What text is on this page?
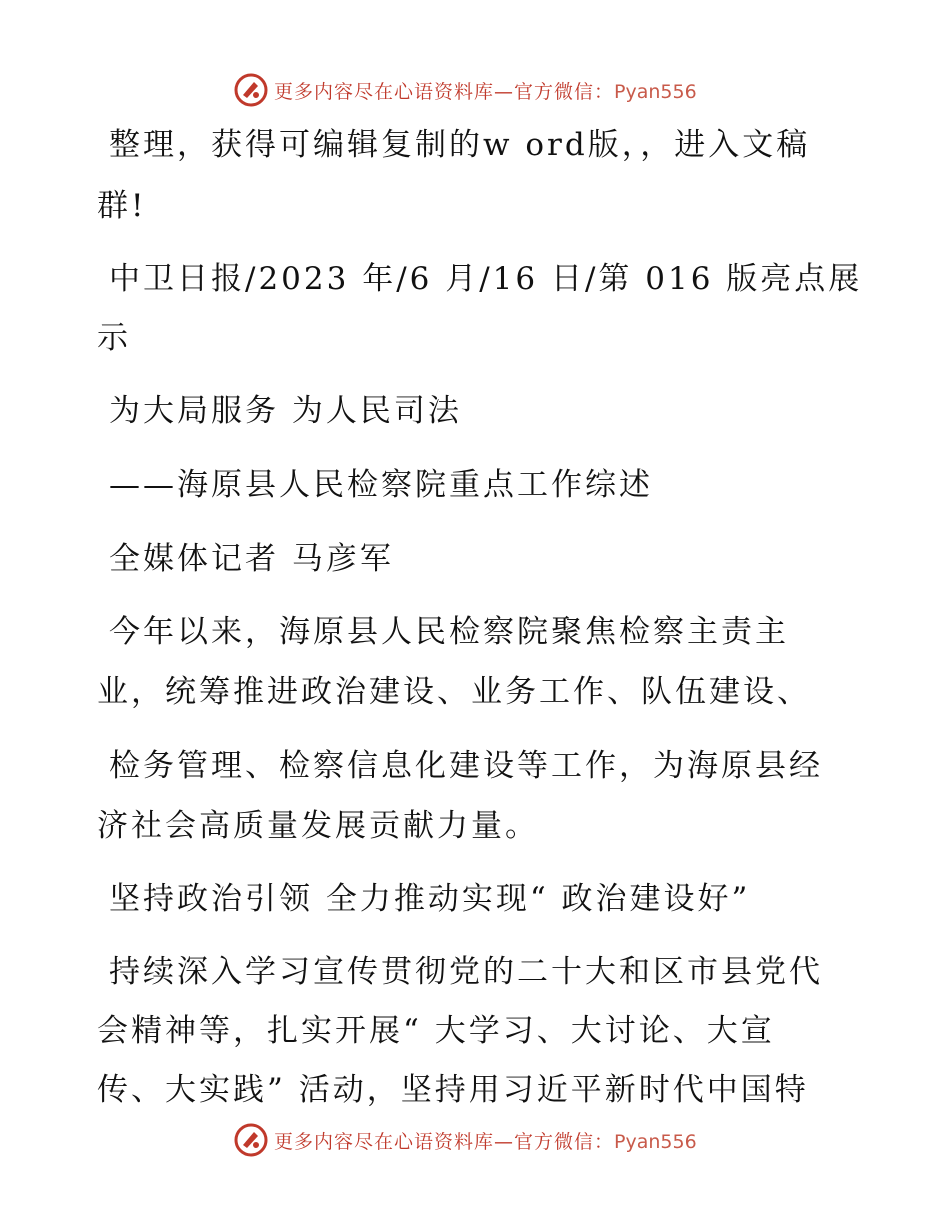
更多内容尽在心语资料库—官方微信：Pyan556
整理，获得可编辑复制的w ord版，，进入文稿
群!
中卫日报/2023 年/6 月/16 日/第 016 版亮点展
示
为大局服务 为人民司法
——海原县人民检察院重点工作综述
全媒体记者 马彦军
今年以来，海原县人民检察院聚焦检察主责主
业，统筹推进政治建设、业务工作、队伍建设、
检务管理、检察信息化建设等工作，为海原县经
济社会高质量发展贡献力量。
坚持政治引领 全力推动实现“ 政治建设好”
持续深入学习宣传贯彻党的二十大和区市县党代
会精神等，扎实开展“ 大学习、大讨论、大宣
传、大实践” 活动，坚持用习近平新时代中国特
更多内容尽在心语资料库—官方微信：Pyan556
